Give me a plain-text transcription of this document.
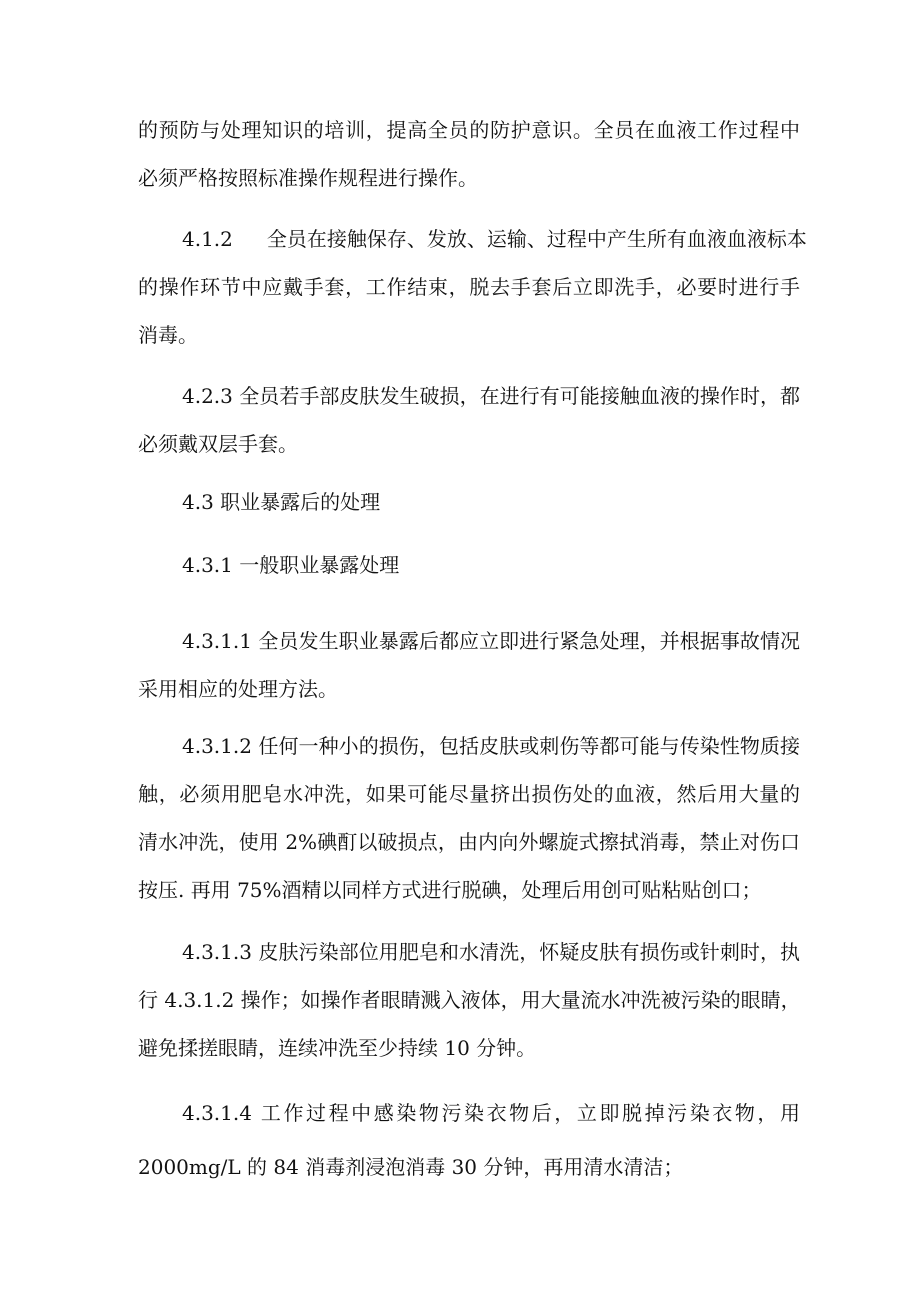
的预防与处理知识的培训，提高全员的防护意识。全员在血液工作过程中
必须严格按照标准操作规程进行操作。
4.1.2 全员在接触保存、发放、运输、过程中产生所有血液血液标本
的操作环节中应戴手套，工作结束，脱去手套后立即洗手，必要时进行手
消毒。
4.2.3 全员若手部皮肤发生破损，在进行有可能接触血液的操作时，都
必须戴双层手套。
4.3 职业暴露后的处理
4.3.1 一般职业暴露处理
4.3.1.1 全员发生职业暴露后都应立即进行紧急处理，并根据事故情况
采用相应的处理方法。
4.3.1.2 任何一种小的损伤，包括皮肤或刺伤等都可能与传染性物质接
触，必须用肥皂水冲洗，如果可能尽量挤出损伤处的血液，然后用大量的
清水冲洗，使用 2%碘酊以破损点，由内向外螺旋式擦拭消毒，禁止对伤口
按压. 再用 75%酒精以同样方式进行脱碘，处理后用创可贴粘贴创口；
4.3.1.3 皮肤污染部位用肥皂和水清洗，怀疑皮肤有损伤或针刺时，执
行 4.3.1.2 操作；如操作者眼睛溅入液体，用大量流水冲洗被污染的眼睛，
避免揉搓眼睛，连续冲洗至少持续 10 分钟。
4.3.1.4 工作过程中感染物污染衣物后，立即脱掉污染衣物，用
2000mg/L 的 84 消毒剂浸泡消毒 30 分钟，再用清水清洁；
